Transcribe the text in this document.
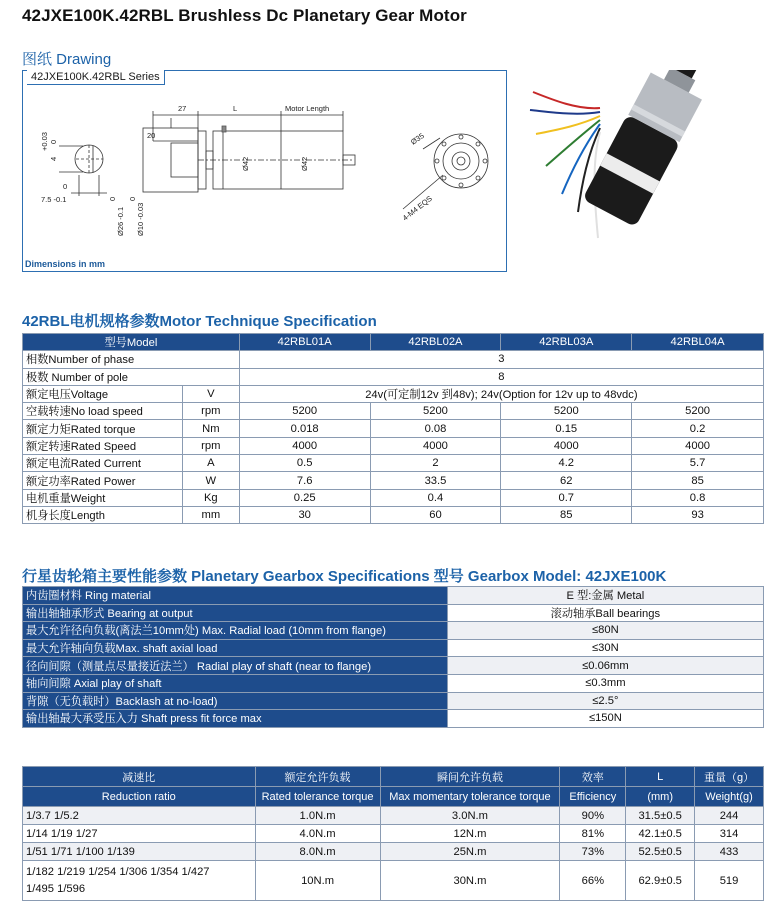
42JXE100K.42RBL Brushless Dc Planetary Gear Motor
图纸 Drawing
42JXE100K.42RBL Series
27	L	Motor Length
20
Ø42	Ø42
Ø35
4-M4 EQS
+0.03 0
4
0
7.5 -0.1	0
Ø26 -0.1
0
Ø10 -0.03
Dimensions in mm
42RBL电机规格参数Motor Technique Specification
型号Model		42RBL01A	42RBL02A	42RBL03A	42RBL04A
相数Number of phase		3			
极数 Number of pole		8			
额定电压Voltage	V	24v(可定制12v 到48v); 24v(Option for 12v up to 48vdc)			
空载转速No load speed	rpm	5200	5200	5200	5200
额定力矩Rated torque	Nm	0.018	0.08	0.15	0.2
额定转速Rated Speed	rpm	4000	4000	4000	4000
额定电流Rated Current	A	0.5	2	4.2	5.7
额定功率Rated Power	W	7.6	33.5	62	85
电机重量Weight	Kg	0.25	0.4	0.7	0.8
机身长度Length	mm	30	60	85	93
行星齿轮箱主要性能参数 Planetary Gearbox Specifications 型号 Gearbox Model: 42JXE100K
内齿圈材料 Ring material	E 型:金属 Metal
输出轴轴承形式 Bearing at output	滚动轴承Ball bearings
最大允许径向负载(离法兰10mm处) Max. Radial load (10mm from flange)	≤80N
最大允许轴向负载Max. shaft axial load	≤30N
径向间隙（测量点尽量接近法兰） Radial play of shaft (near to flange)	≤0.06mm
轴向间隙 Axial play of shaft	≤0.3mm
背隙（无负载时）Backlash at no-load)	≤2.5°
输出轴最大承受压入力 Shaft press fit force max	≤150N
减速比	额定允许负载	瞬间允许负载	效率	L	重量（g）
Reduction ratio	Rated tolerance torque	Max momentary tolerance torque	Efficiency	(mm)	Weight(g)
1/3.7 1/5.2	1.0N.m	3.0N.m	90%	31.5±0.5	244
1/14 1/19 1/27	4.0N.m	12N.m	81%	42.1±0.5	314
1/51 1/71 1/100 1/139	8.0N.m	25N.m	73%	52.5±0.5	433

1/182 1/219 1/254 1/306 1/354 1/427
1/495 1/596	10N.m	30N.m	66%	62.9±0.5	519
